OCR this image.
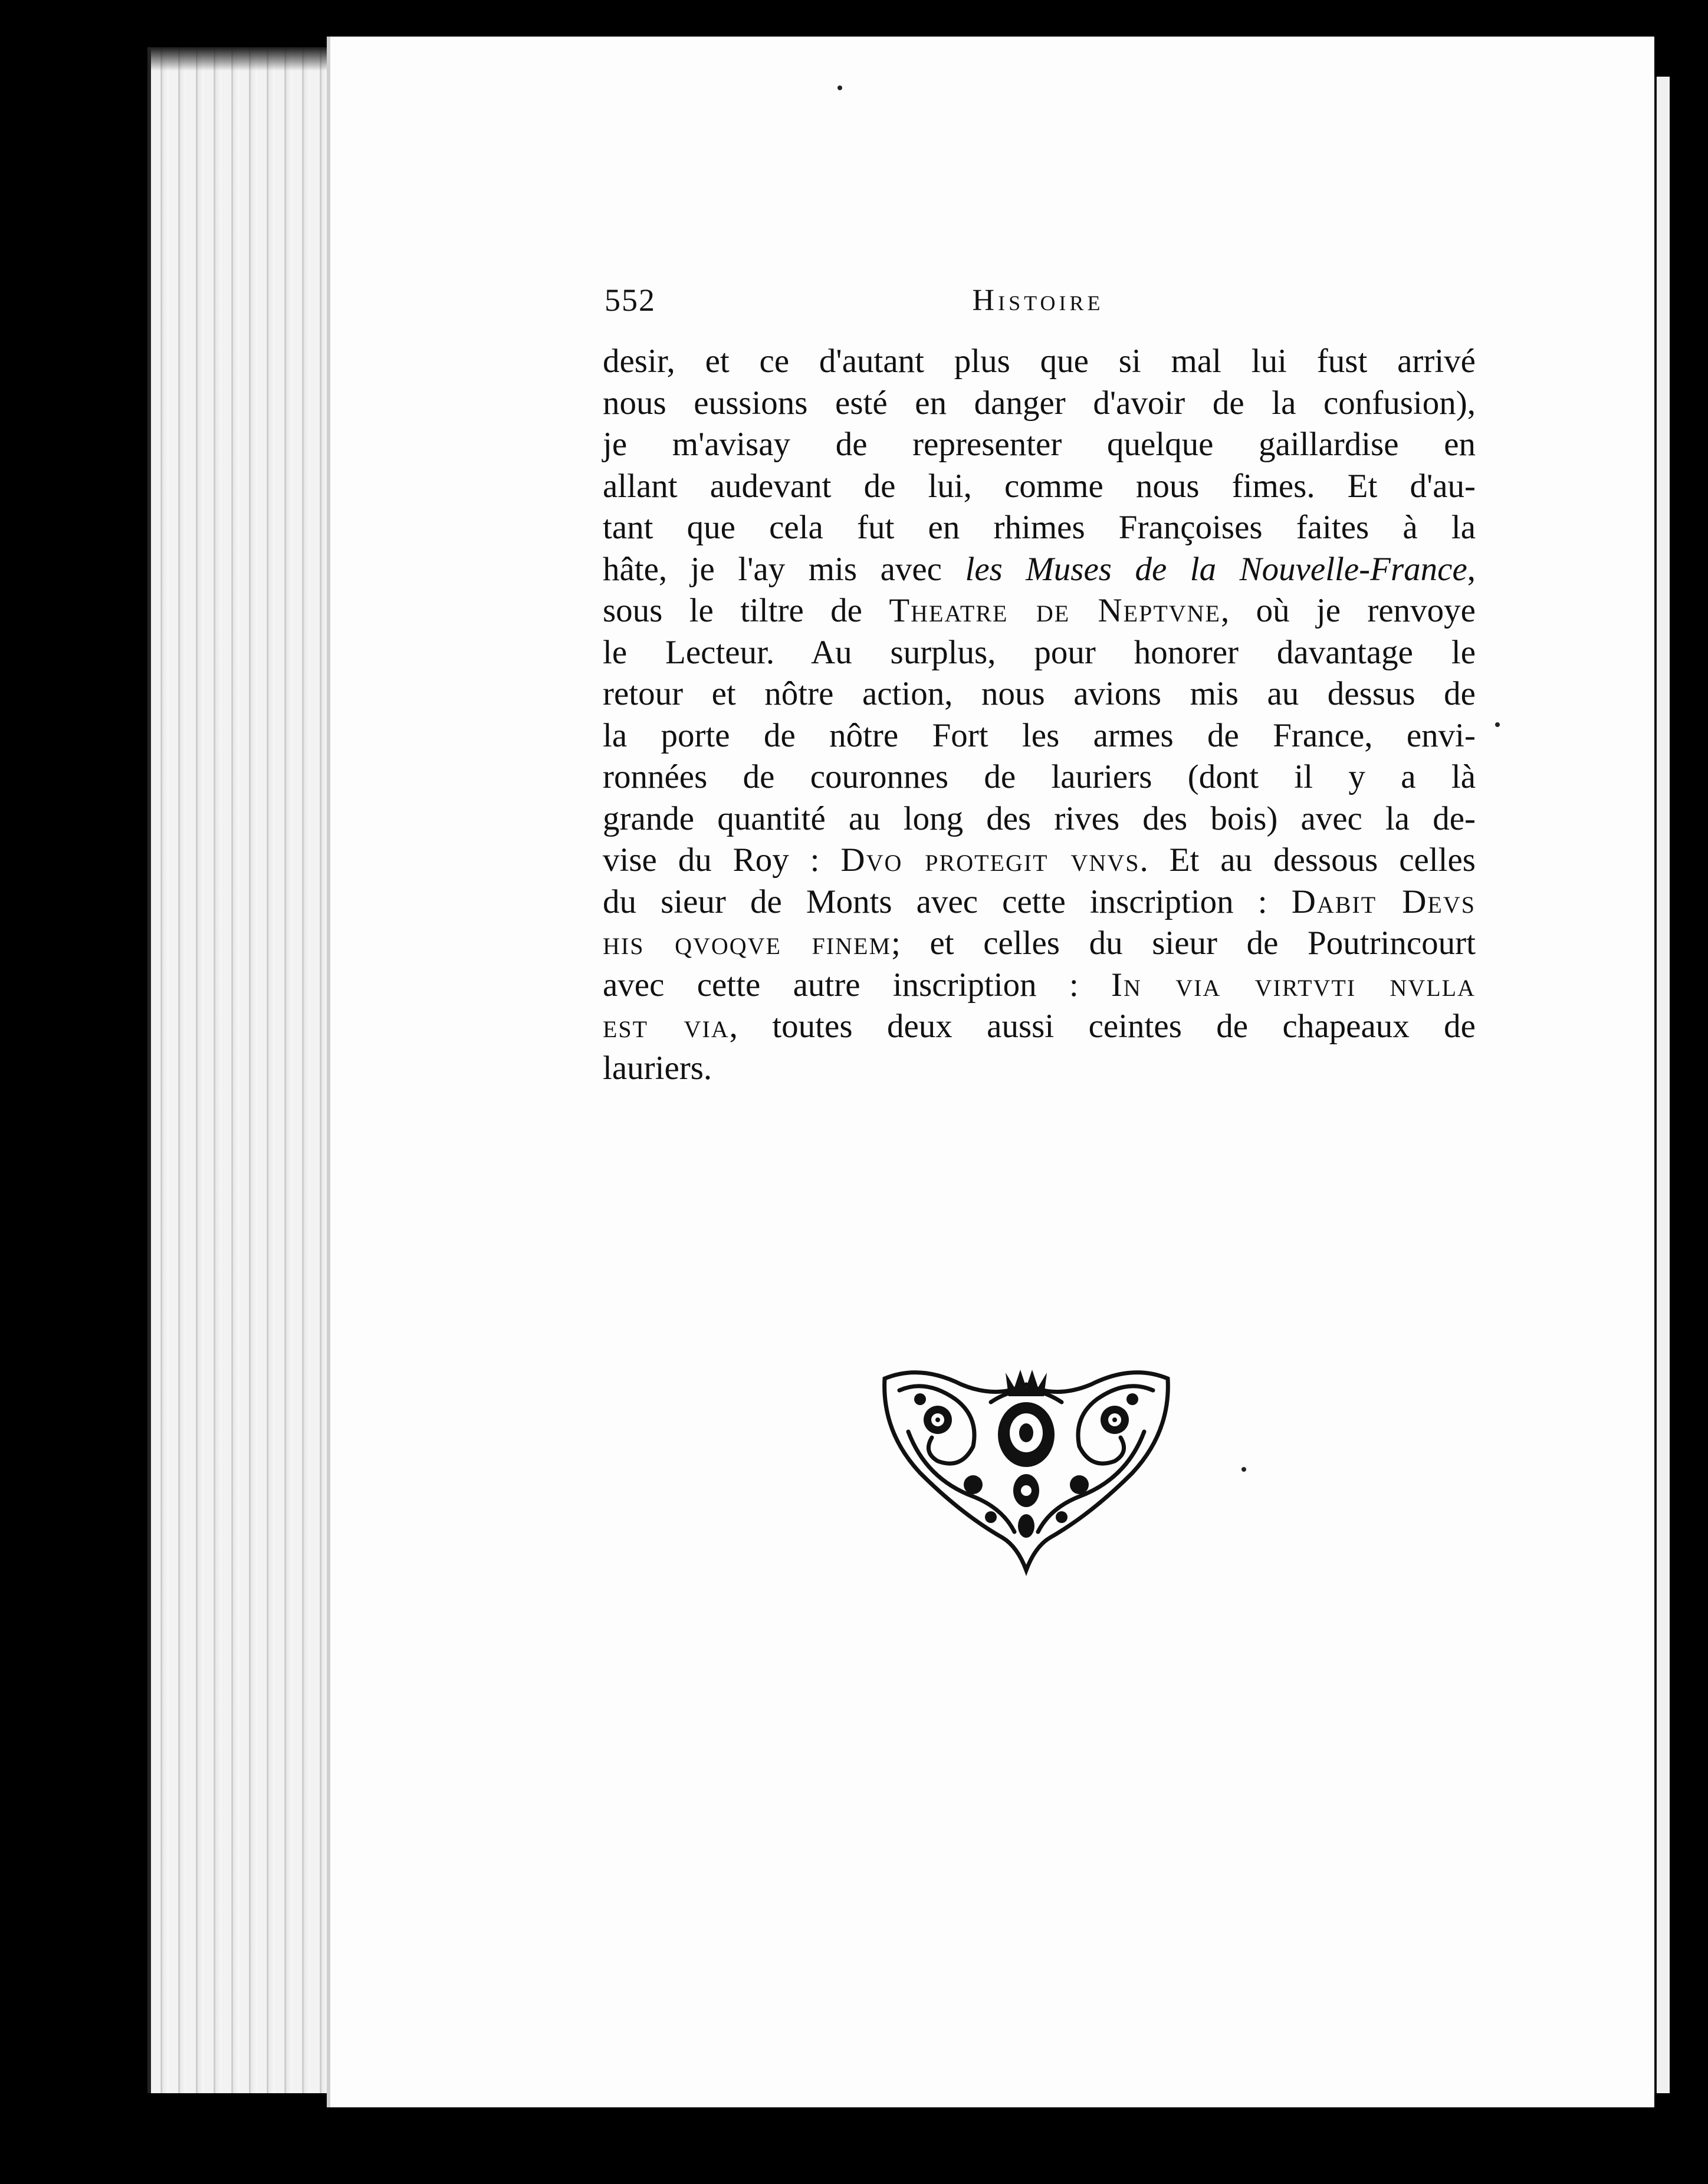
552	Histoire
desir, et ce d'autant plus que si mal lui fust arrivé
nous eussions esté en danger d'avoir de la confusion),
je m'avisay de representer quelque gaillardise en
allant audevant de lui, comme nous fimes. Et d'au-
tant que cela fut en rhimes Françoises faites à la
hâte, je l'ay mis avec les Muses de la Nouvelle-France,
sous le tiltre de Theatre de Neptvne, où je renvoye
le Lecteur. Au surplus, pour honorer davantage le
retour et nôtre action, nous avions mis au dessus de
la porte de nôtre Fort les armes de France, envi-
ronnées de couronnes de lauriers (dont il y a là
grande quantité au long des rives des bois) avec la de-
vise du Roy : Dvo protegit vnvs. Et au dessous celles
du sieur de Monts avec cette inscription : Dabit Devs
his qvoqve finem; et celles du sieur de Poutrincourt
avec cette autre inscription : In via virtvti nvlla
est via, toutes deux aussi ceintes de chapeaux de
lauriers.
